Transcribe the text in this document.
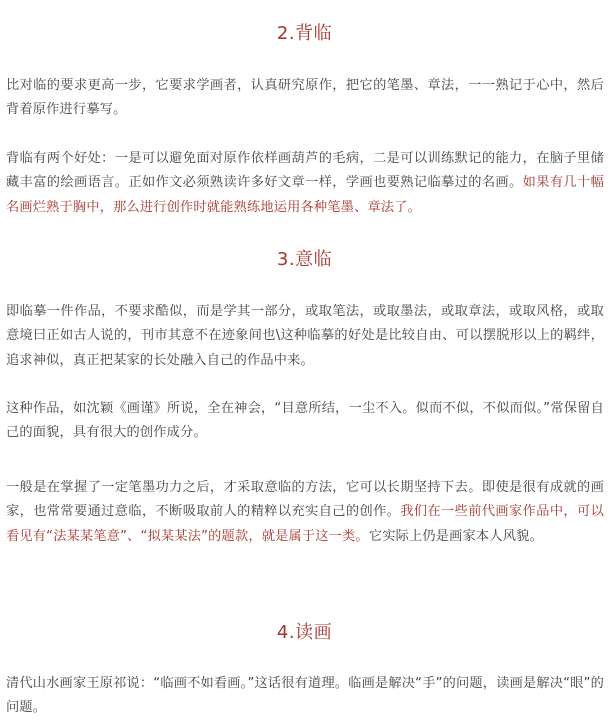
2.背临
比对临的要求更高一步，它要求学画者，认真研究原作，把它的笔墨、章法，一一熟记于心中，然后背着原作进行摹写。
背临有两个好处：一是可以避免面对原作依样画葫芦的毛病，二是可以训练默记的能力，在脑子里储藏丰富的绘画语言。正如作文必须熟读许多好文章一样，学画也要熟记临摹过的名画。如果有几十幅名画烂熟于胸中，那么进行创作时就能熟练地运用各种笔墨、章法了。
3.意临
即临摹一件作品，不要求酷似，而是学其一部分，或取笔法，或取墨法，或取章法，或取风格，或取意境曰正如古人说的，刊市其意不在迹象间也\这种临摹的好处是比较自由、可以摆脱形以上的羁绊，追求神似，真正把某家的长处融入自己的作品中来。
这种作品，如沈颖《画谨》所说，全在神会，“目意所结，一尘不入。似而不似，不似而似。”常保留自己的面貌，具有很大的创作成分。
一般是在掌握了一定笔墨功力之后，才采取意临的方法，它可以长期坚持下去。即使是很有成就的画家，也常常要通过意临，不断吸取前人的精粹以充实自己的创作。我们在一些前代画家作品中，可以看见有“法某某笔意”、“拟某某法”的题款，就是属于这一类。它实际上仍是画家本人风貌。
4.读画
清代山水画家王原祁说：“临画不如看画。”这话很有道理。临画是解决“手”的问题，读画是解决“眼”的问题。
